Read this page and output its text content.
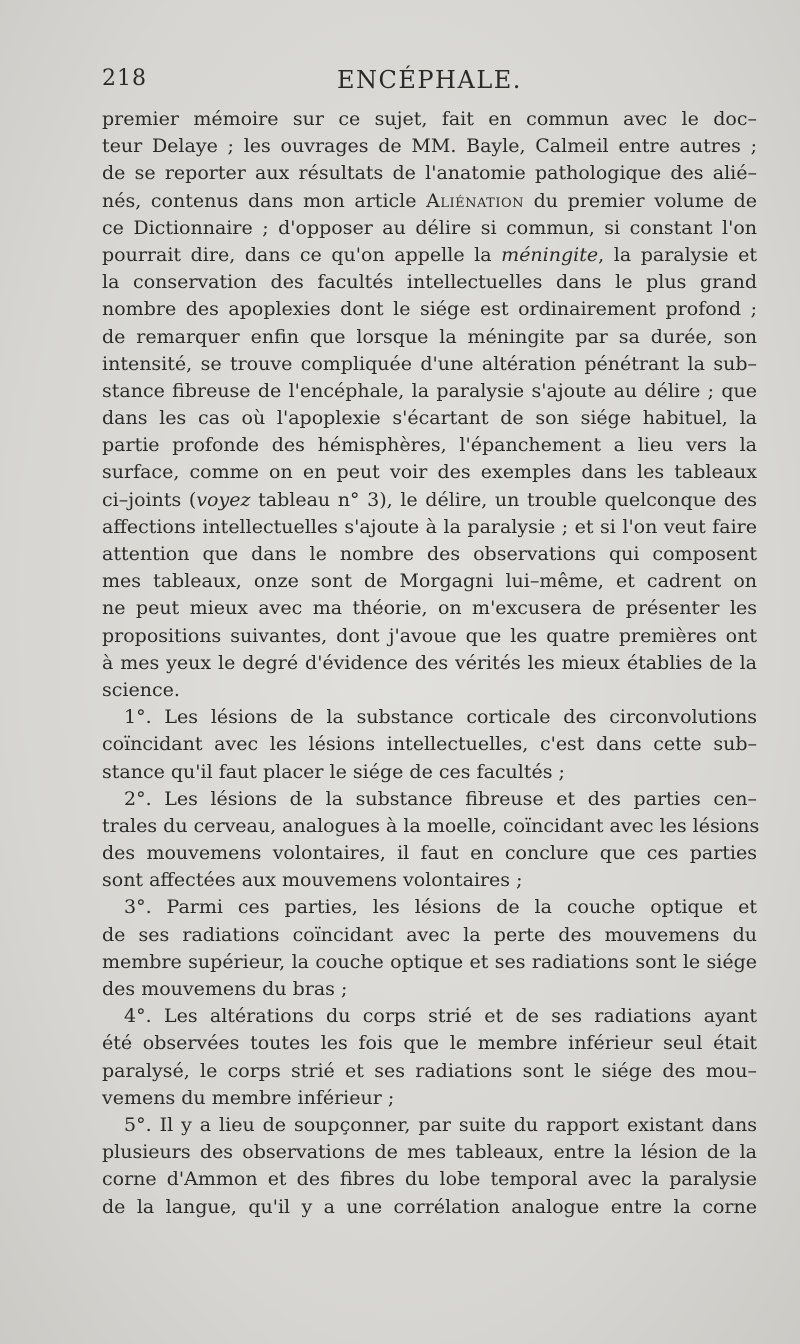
218	ENCÉPHALE.
premier mémoire sur ce sujet, fait en commun avec le doc–
teur Delaye ; les ouvrages de MM. Bayle, Calmeil entre autres ;
de se reporter aux résultats de l'anatomie pathologique des alié–
nés, contenus dans mon article Aliénation du premier volume de
ce Dictionnaire ; d'opposer au délire si commun, si constant l'on
pourrait dire, dans ce qu'on appelle la méningite, la paralysie et
la conservation des facultés intellectuelles dans le plus grand
nombre des apoplexies dont le siége est ordinairement profond ;
de remarquer enfin que lorsque la méningite par sa durée, son
intensité, se trouve compliquée d'une altération pénétrant la sub–
stance fibreuse de l'encéphale, la paralysie s'ajoute au délire ; que
dans les cas où l'apoplexie s'écartant de son siége habituel, la
partie profonde des hémisphères, l'épanchement a lieu vers la
surface, comme on en peut voir des exemples dans les tableaux
ci–joints (voyez tableau n° 3), le délire, un trouble quelconque des
affections intellectuelles s'ajoute à la paralysie ; et si l'on veut faire
attention que dans le nombre des observations qui composent
mes tableaux, onze sont de Morgagni lui–même, et cadrent on
ne peut mieux avec ma théorie, on m'excusera de présenter les
propositions suivantes, dont j'avoue que les quatre premières ont
à mes yeux le degré d'évidence des vérités les mieux établies de la
science.
1°. Les lésions de la substance corticale des circonvolutions
coïncidant avec les lésions intellectuelles, c'est dans cette sub–
stance qu'il faut placer le siége de ces facultés ;
2°. Les lésions de la substance fibreuse et des parties cen–
trales du cerveau, analogues à la moelle, coïncidant avec les lésions
des mouvemens volontaires, il faut en conclure que ces parties
sont affectées aux mouvemens volontaires ;
3°. Parmi ces parties, les lésions de la couche optique et
de ses radiations coïncidant avec la perte des mouvemens du
membre supérieur, la couche optique et ses radiations sont le siége
des mouvemens du bras ;
4°. Les altérations du corps strié et de ses radiations ayant
été observées toutes les fois que le membre inférieur seul était
paralysé, le corps strié et ses radiations sont le siége des mou–
vemens du membre inférieur ;
5°. Il y a lieu de soupçonner, par suite du rapport existant dans
plusieurs des observations de mes tableaux, entre la lésion de la
corne d'Ammon et des fibres du lobe temporal avec la paralysie
de la langue, qu'il y a une corrélation analogue entre la corne
